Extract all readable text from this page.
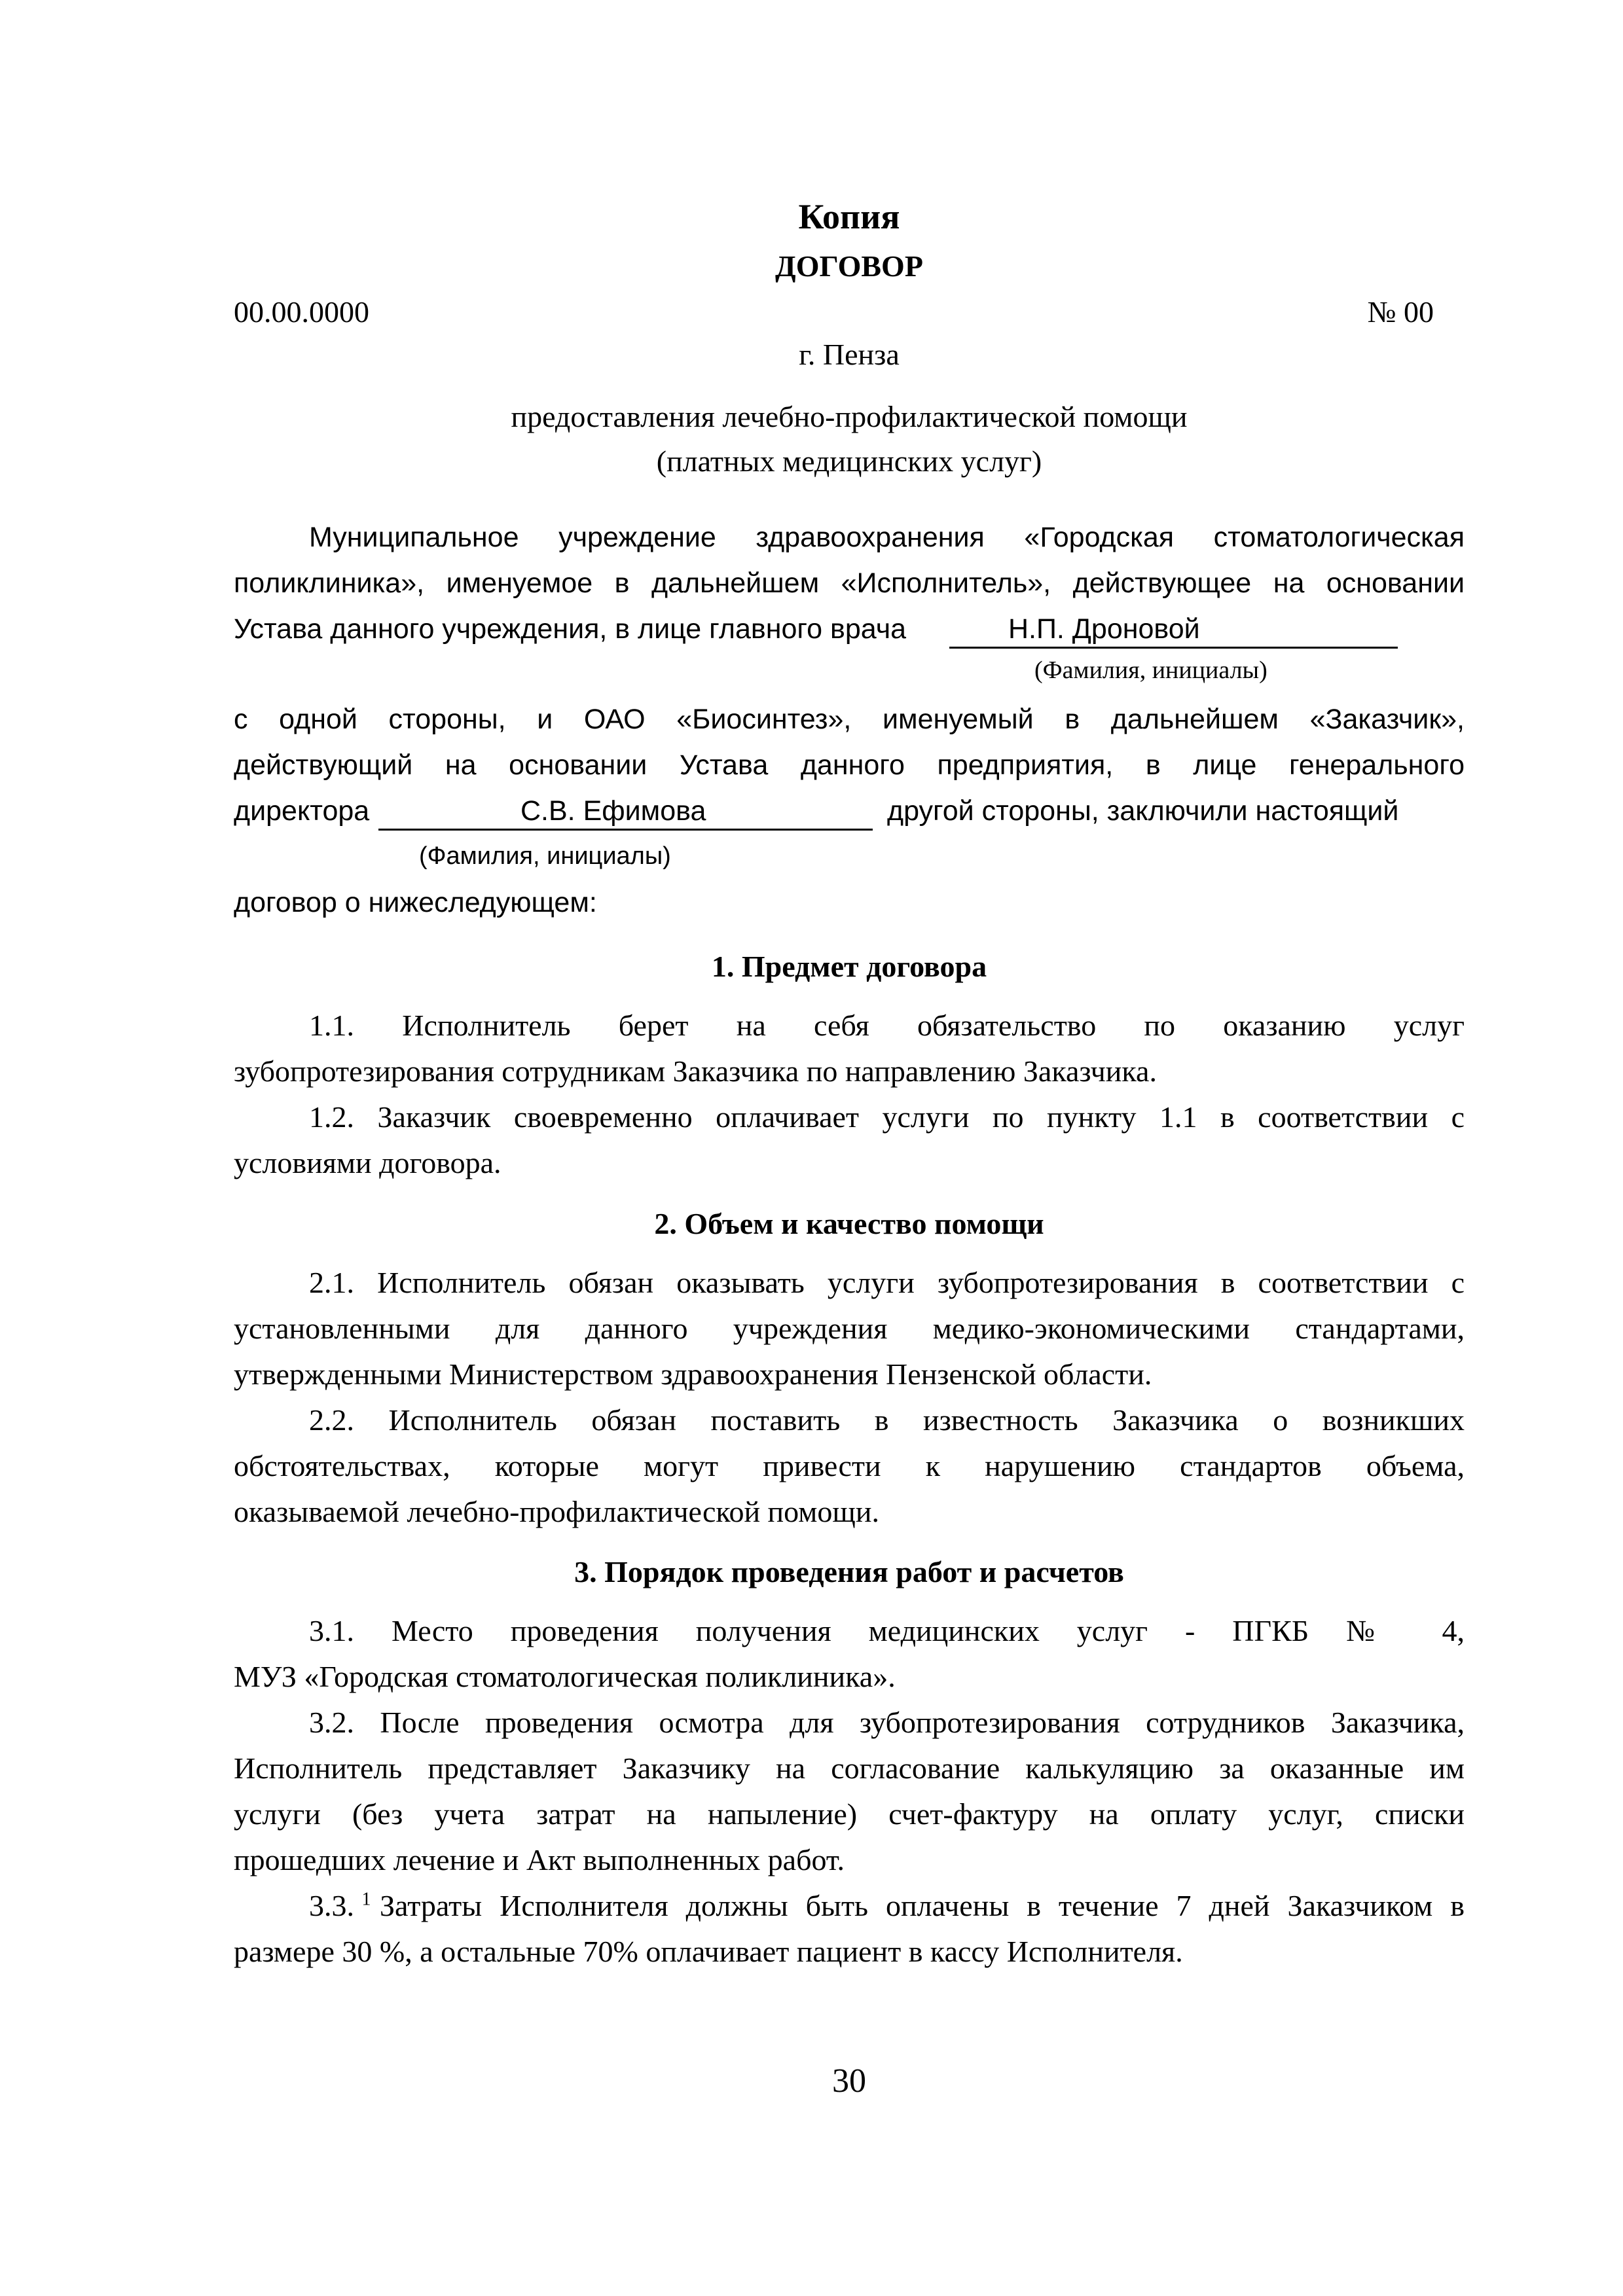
Копия
ДОГОВОР
00.00.0000	№ 00
г. Пенза
предоставления лечебно-профилактической помощи
(платных медицинских услуг)
Муниципальное учреждение здравоохранения «Городская стоматологическая
поликлиника», именуемое в дальнейшем «Исполнитель», действующее на основании
Устава данного учреждения, в лице главного врача	Н.П. Дроновой
(Фамилия, инициалы)
с одной стороны, и ОАО «Биосинтез», именуемый в дальнейшем «Заказчик»,
действующий на основании Устава данного предприятия, в лице генерального
директора	С.В. Ефимова	другой стороны, заключили настоящий
(Фамилия, инициалы)
договор о нижеследующем:
1. Предмет договора
1.1. Исполнитель берет на себя обязательство по оказанию услуг
зубопротезирования сотрудникам Заказчика по направлению Заказчика.
1.2. Заказчик своевременно оплачивает услуги по пункту 1.1 в соответствии с
условиями договора.
2. Объем и качество помощи
2.1. Исполнитель обязан оказывать услуги зубопротезирования в соответствии с
установленными для данного учреждения медико-экономическими стандартами,
утвержденными Министерством здравоохранения Пензенской области.
2.2. Исполнитель обязан поставить в известность Заказчика о возникших
обстоятельствах, которые могут привести к нарушению стандартов объема,
оказываемой лечебно-профилактической помощи.
3. Порядок проведения работ и расчетов
3.1. Место проведения получения медицинских услуг - ПГКБ № 4,
МУЗ «Городская стоматологическая поликлиника».
3.2. После проведения осмотра для зубопротезирования сотрудников Заказчика,
Исполнитель представляет Заказчику на согласование калькуляцию за оказанные им
услуги (без учета затрат на напыление) счет-фактуру на оплату услуг, списки
прошедших лечение и Акт выполненных работ.
3.3. $^1$ Затраты Исполнителя должны быть оплачены в течение 7 дней Заказчиком в
размере 30 %, а остальные 70% оплачивает пациент в кассу Исполнителя.
30
